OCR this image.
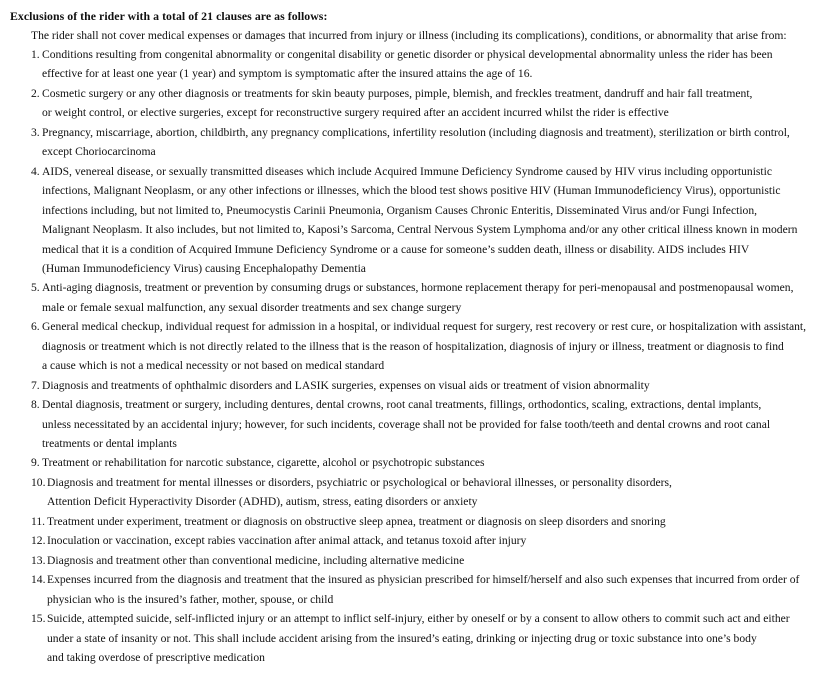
Exclusions of the rider with a total of 21 clauses are as follows:
The rider shall not cover medical expenses or damages that incurred from injury or illness (including its complications), conditions, or abnormality that arise from:
1. Conditions resulting from congenital abnormality or congenital disability or genetic disorder or physical developmental abnormality unless the rider has been
effective for at least one year (1 year) and symptom is symptomatic after the insured attains the age of 16.
2. Cosmetic surgery or any other diagnosis or treatments for skin beauty purposes, pimple, blemish, and freckles treatment, dandruff and hair fall treatment,
or weight control, or elective surgeries, except for reconstructive surgery required after an accident incurred whilst the rider is effective
3. Pregnancy, miscarriage, abortion, childbirth, any pregnancy complications, infertility resolution (including diagnosis and treatment), sterilization or birth control,
except Choriocarcinoma
4. AIDS, venereal disease, or sexually transmitted diseases which include Acquired Immune Deficiency Syndrome caused by HIV virus including opportunistic
infections, Malignant Neoplasm, or any other infections or illnesses, which the blood test shows positive HIV (Human Immunodeficiency Virus), opportunistic
infections including, but not limited to, Pneumocystis Carinii Pneumonia, Organism Causes Chronic Enteritis, Disseminated Virus and/or Fungi Infection,
Malignant Neoplasm. It also includes, but not limited to, Kaposi’s Sarcoma, Central Nervous System Lymphoma and/or any other critical illness known in modern
medical that it is a condition of Acquired Immune Deficiency Syndrome or a cause for someone’s sudden death, illness or disability. AIDS includes HIV
(Human Immunodeficiency Virus) causing Encephalopathy Dementia
5. Anti-aging diagnosis, treatment or prevention by consuming drugs or substances, hormone replacement therapy for peri-menopausal and postmenopausal women,
male or female sexual malfunction, any sexual disorder treatments and sex change surgery
6. General medical checkup, individual request for admission in a hospital, or individual request for surgery, rest recovery or rest cure, or hospitalization with assistant,
diagnosis or treatment which is not directly related to the illness that is the reason of hospitalization, diagnosis of injury or illness, treatment or diagnosis to find
a cause which is not a medical necessity or not based on medical standard
7. Diagnosis and treatments of ophthalmic disorders and LASIK surgeries, expenses on visual aids or treatment of vision abnormality
8. Dental diagnosis, treatment or surgery, including dentures, dental crowns, root canal treatments, fillings, orthodontics, scaling, extractions, dental implants,
unless necessitated by an accidental injury; however, for such incidents, coverage shall not be provided for false tooth/teeth and dental crowns and root canal
treatments or dental implants
9. Treatment or rehabilitation for narcotic substance, cigarette, alcohol or psychotropic substances
10. Diagnosis and treatment for mental illnesses or disorders, psychiatric or psychological or behavioral illnesses, or personality disorders,
Attention Deficit Hyperactivity Disorder (ADHD), autism, stress, eating disorders or anxiety
11. Treatment under experiment, treatment or diagnosis on obstructive sleep apnea, treatment or diagnosis on sleep disorders and snoring
12. Inoculation or vaccination, except rabies vaccination after animal attack, and tetanus toxoid after injury
13. Diagnosis and treatment other than conventional medicine, including alternative medicine
14. Expenses incurred from the diagnosis and treatment that the insured as physician prescribed for himself/herself and also such expenses that incurred from order of
physician who is the insured’s father, mother, spouse, or child
15. Suicide, attempted suicide, self-inflicted injury or an attempt to inflict self-injury, either by oneself or by a consent to allow others to commit such act and either
under a state of insanity or not. This shall include accident arising from the insured’s eating, drinking or injecting drug or toxic substance into one’s body
and taking overdose of prescriptive medication
